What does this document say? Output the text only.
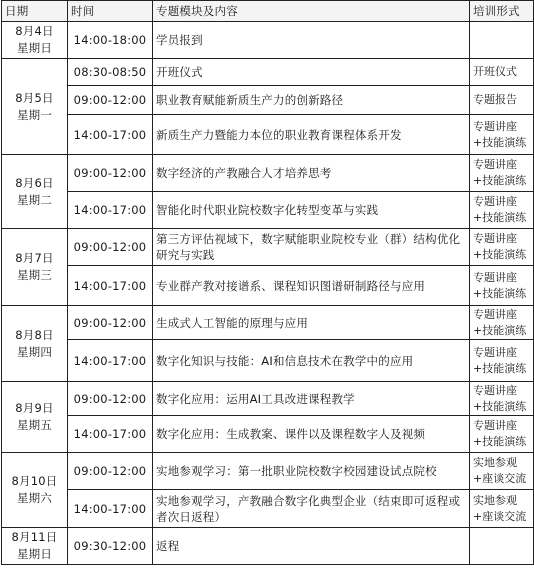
日期	时间	专题模块及内容	培训形式

8月4日
星期日	14:00-18:00	学员报到	

8月5日
星期一	08:30-08:50	开班仪式	开班仪式
	09:00-12:00	职业教育赋能新质生产力的创新路径	专题报告
	14:00-17:00	新质生产力暨能力本位的职业教育课程体系开发	专题讲座+技能演练

8月6日
星期二	09:00-12:00	数字经济的产教融合人才培养思考	专题讲座+技能演练
	14:00-17:00	智能化时代职业院校数字化转型变革与实践	专题讲座+技能演练

8月7日
星期三	09:00-12:00	第三方评估视域下，数字赋能职业院校专业（群）结构优化研究与实践	专题讲座+技能演练
	14:00-17:00	专业群产教对接谱系、课程知识图谱研制路径与应用	专题讲座+技能演练

8月8日
星期四	09:00-12:00	生成式人工智能的原理与应用	专题讲座+技能演练
	14:00-17:00	数字化知识与技能：AI和信息技术在教学中的应用	专题讲座+技能演练

8月9日
星期五	09:00-12:00	数字化应用：运用AI工具改进课程教学	专题讲座+技能演练
	14:00-17:00	数字化应用：生成教案、课件以及课程数字人及视频	专题讲座+技能演练

8月10日
星期六	09:00-12:00	实地参观学习：第一批职业院校数字校园建设试点院校	实地参观+座谈交流
	14:00-17:00	实地参观学习，产教融合数字化典型企业（结束即可返程或者次日返程）	实地参观+座谈交流

8月11日
星期日	09:30-12:00	返程	
